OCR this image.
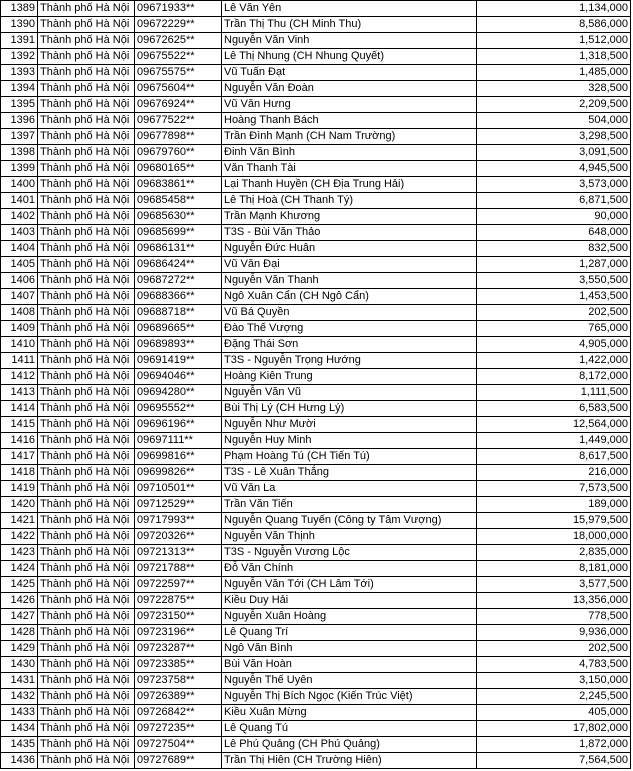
1389	Thành phố Hà Nội	09671933**	Lê Văn Yên	1,134,000
1390	Thành phố Hà Nội	09672229**	Trần Thị Thu (CH Minh Thu)	8,586,000
1391	Thành phố Hà Nội	09672625**	Nguyễn Văn Vinh	1,512,000
1392	Thành phố Hà Nội	09675522**	Lê Thị Nhung (CH Nhung Quyết)	1,318,500
1393	Thành phố Hà Nội	09675575**	Vũ Tuấn Đạt	1,485,000
1394	Thành phố Hà Nội	09675604**	Nguyễn Văn Đoàn	328,500
1395	Thành phố Hà Nội	09676924**	Vũ Văn Hưng	2,209,500
1396	Thành phố Hà Nội	09677522**	Hoàng Thanh Bách	504,000
1397	Thành phố Hà Nội	09677898**	Trần Đình Mạnh (CH Nam Trường)	3,298,500
1398	Thành phố Hà Nội	09679760**	Đinh Văn Bình	3,091,500
1399	Thành phố Hà Nội	09680165**	Văn Thanh Tài	4,945,500
1400	Thành phố Hà Nội	09683861**	Lại Thanh Huyền (CH Địa Trung Hải)	3,573,000
1401	Thành phố Hà Nội	09685458**	Lê Thị Hoà (CH Thanh Tý)	6,871,500
1402	Thành phố Hà Nội	09685630**	Trần Mạnh Khương	90,000
1403	Thành phố Hà Nội	09685699**	T3S - Bùi Văn Thảo	648,000
1404	Thành phố Hà Nội	09686131**	Nguyễn Đức Huân	832,500
1405	Thành phố Hà Nội	09686424**	Vũ Văn Đại	1,287,000
1406	Thành phố Hà Nội	09687272**	Nguyễn Văn Thanh	3,550,500
1407	Thành phố Hà Nội	09688366**	Ngô Xuân Cẩn (CH Ngô Cẩn)	1,453,500
1408	Thành phố Hà Nội	09688718**	Vũ Bá Quyền	202,500
1409	Thành phố Hà Nội	09689665**	Đào Thế Vượng	765,000
1410	Thành phố Hà Nội	09689893**	Đặng Thái Sơn	4,905,000
1411	Thành phố Hà Nội	09691419**	T3S - Nguyễn Trọng Hướng	1,422,000
1412	Thành phố Hà Nội	09694046**	Hoàng Kiên Trung	8,172,000
1413	Thành phố Hà Nội	09694280**	Nguyễn Văn Vũ	1,111,500
1414	Thành phố Hà Nội	09695552**	Bùi Thị Lý (CH Hưng Lý)	6,583,500
1415	Thành phố Hà Nội	09696196**	Nguyễn Như Mười	12,564,000
1416	Thành phố Hà Nội	09697111**	Nguyễn Huy Minh	1,449,000
1417	Thành phố Hà Nội	09699816**	Phạm Hoàng Tú (CH Tiến Tú)	8,617,500
1418	Thành phố Hà Nội	09699826**	T3S - Lê Xuân Thắng	216,000
1419	Thành phố Hà Nội	09710501**	Vũ Văn La	7,573,500
1420	Thành phố Hà Nội	09712529**	Trần Văn Tiến	189,000
1421	Thành phố Hà Nội	09717993**	Nguyễn Quang Tuyến (Công ty Tâm Vượng)	15,979,500
1422	Thành phố Hà Nội	09720326**	Nguyễn Văn Thịnh	18,000,000
1423	Thành phố Hà Nội	09721313**	T3S - Nguyễn Vương Lộc	2,835,000
1424	Thành phố Hà Nội	09721788**	Đỗ Văn Chính	8,181,000
1425	Thành phố Hà Nội	09722597**	Nguyễn Văn Tới (CH Lâm Tới)	3,577,500
1426	Thành phố Hà Nội	09722875**	Kiều Duy Hải	13,356,000
1427	Thành phố Hà Nội	09723150**	Nguyễn Xuân Hoàng	778,500
1428	Thành phố Hà Nội	09723196**	Lê Quang Trí	9,936,000
1429	Thành phố Hà Nội	09723287**	Ngô Văn Bình	202,500
1430	Thành phố Hà Nội	09723385**	Bùi Văn Hoàn	4,783,500
1431	Thành phố Hà Nội	09723758**	Nguyễn Thế Uyên	3,150,000
1432	Thành phố Hà Nội	09726389**	Nguyễn Thị Bích Ngọc (Kiến Trúc Việt)	2,245,500
1433	Thành phố Hà Nội	09726842**	Kiều Xuân Mừng	405,000
1434	Thành phố Hà Nội	09727235**	Lê Quang Tú	17,802,000
1435	Thành phố Hà Nội	09727504**	Lê Phú Quảng (CH Phú Quảng)	1,872,000
1436	Thành phố Hà Nội	09727689**	Trần Thị Hiên (CH Trường Hiên)	7,564,500
